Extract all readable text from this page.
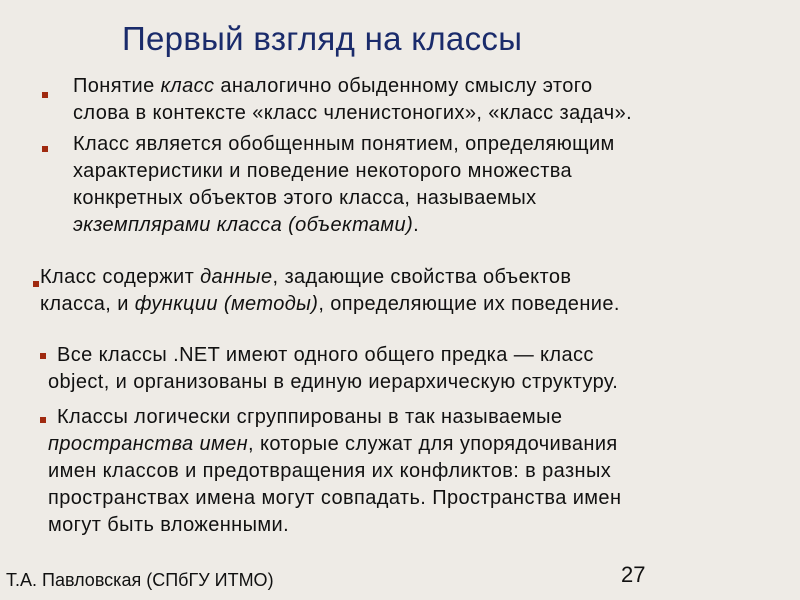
Первый взгляд на классы

Понятие класс аналогично обыденному смыслу этого
слова в контексте «класс членистоногих», «класс задач».

Класс является обобщенным понятием, определяющим
характеристики и поведение некоторого множества
конкретных объектов этого класса, называемых
экземплярами класса (объектами).

Класс содержит данные, задающие свойства объектов
класса, и функции (методы), определяющие их поведение.

Все классы .NET имеют одного общего предка — класс
object, и организованы в единую иерархическую структуру.

Классы логически сгруппированы в так называемые
пространства имен, которые служат для упорядочивания
имен классов и предотвращения их конфликтов: в разных
пространствах имена могут совпадать. Пространства имен
могут быть вложенными.

Т.А. Павловская (СПбГУ ИТМО)	27
